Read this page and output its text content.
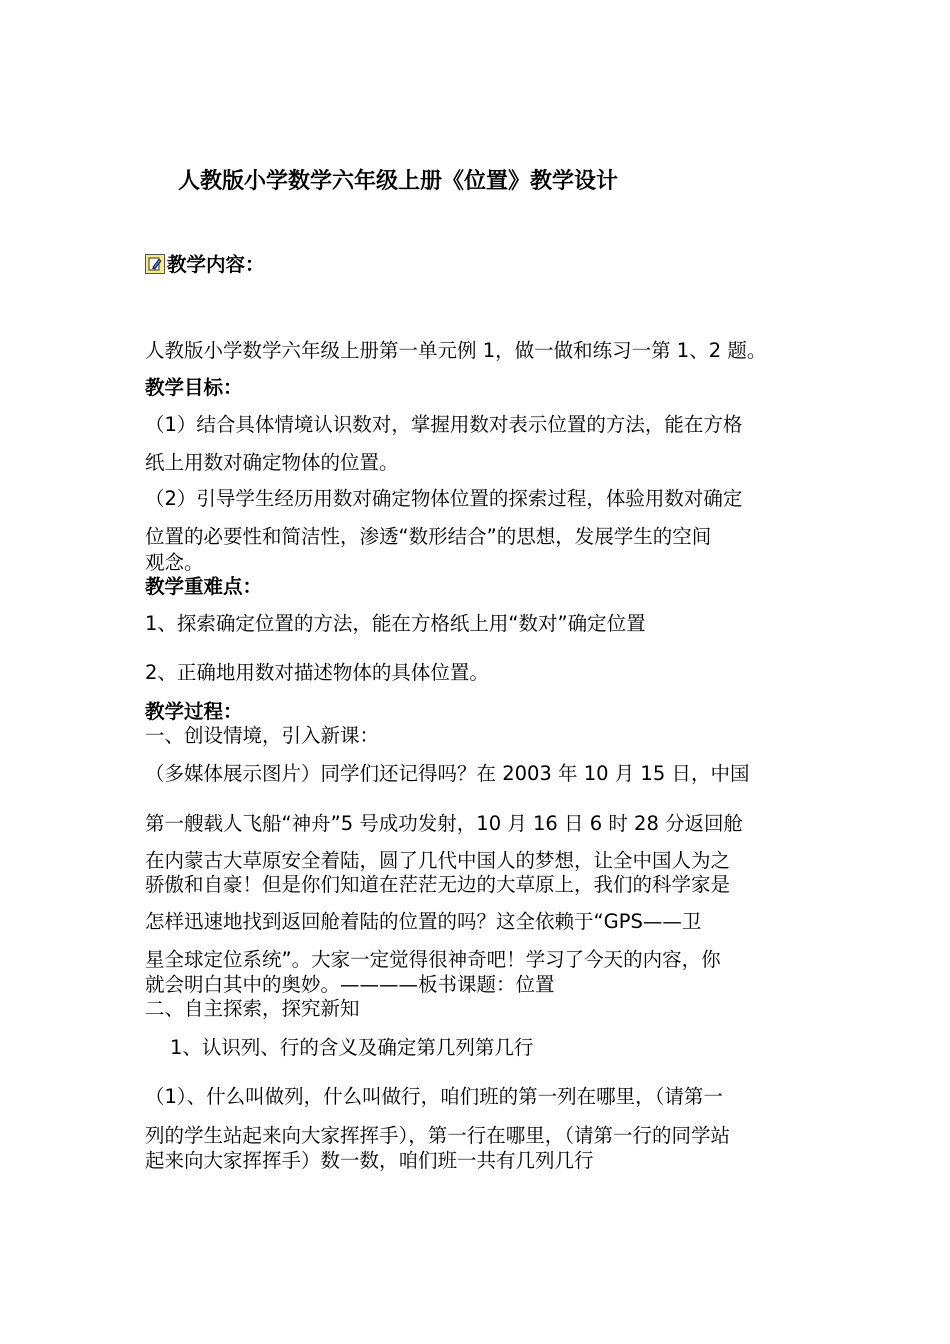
人教版小学数学六年级上册《位置》教学设计
教学内容：
人教版小学数学六年级上册第一单元例 1，做一做和练习一第 1、2 题。
教学目标：
（1）结合具体情境认识数对，掌握用数对表示位置的方法，能在方格
纸上用数对确定物体的位置。
（2）引导学生经历用数对确定物体位置的探索过程，体验用数对确定
位置的必要性和简洁性，渗透“数形结合”的思想，发展学生的空间
观念。
教学重难点：
1、探索确定位置的方法，能在方格纸上用“数对”确定位置
2、正确地用数对描述物体的具体位置。
教学过程：
一、创设情境，引入新课：
（多媒体展示图片）同学们还记得吗？在 2003 年 10 月 15 日，中国
第一艘载人飞船“神舟”5 号成功发射，10 月 16 日 6 时 28 分返回舱
在内蒙古大草原安全着陆，圆了几代中国人的梦想，让全中国人为之
骄傲和自豪！但是你们知道在茫茫无边的大草原上，我们的科学家是
怎样迅速地找到返回舱着陆的位置的吗？这全依赖于“GPS——卫
星全球定位系统”。大家一定觉得很神奇吧！学习了今天的内容，你
就会明白其中的奥妙。————板书课题：位置
二、自主探索，探究新知
1、认识列、行的含义及确定第几列第几行
（1）、什么叫做列，什么叫做行，咱们班的第一列在哪里，（请第一
列的学生站起来向大家挥挥手），第一行在哪里，（请第一行的同学站
起来向大家挥挥手）数一数，咱们班一共有几列几行
